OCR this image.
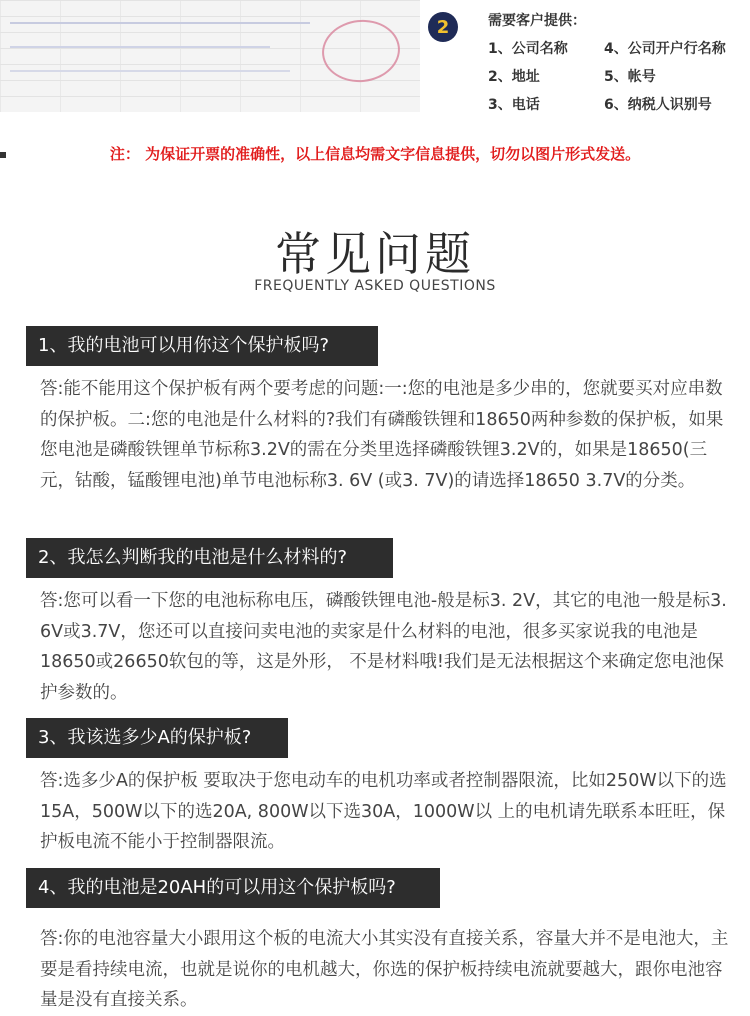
2	需要客户提供：
1、公司名称
2、地址
3、电话
4、公司开户行名称
5、帐号
6、纳税人识别号
注： 为保证开票的准确性，以上信息均需文字信息提供，切勿以图片形式发送。
常见问题
FREQUENTLY ASKED QUESTIONS
1、我的电池可以用你这个保护板吗?
答:能不能用这个保护板有两个要考虑的问题:一:您的电池是多少串的，您就要买对应串数的保护板。二:您的电池是什么材料的?我们有磷酸铁锂和18650两种参数的保护板，如果您电池是磷酸铁锂单节标称3.2V的需在分类里选择磷酸铁锂3.2V的，如果是18650(三元，钴酸，锰酸锂电池)单节电池标称3. 6V (或3. 7V)的请选择18650 3.7V的分类。
2、我怎么判断我的电池是什么材料的?
答:您可以看一下您的电池标称电压，磷酸铁锂电池-般是标3. 2V，其它的电池一般是标3. 6V或3.7V，您还可以直接问卖电池的卖家是什么材料的电池，很多买家说我的电池是18650或26650软包的等，这是外形， 不是材料哦!我们是无法根据这个来确定您电池保护参数的。
3、我该选多少A的保护板?
答:选多少A的保护板 要取决于您电动车的电机功率或者控制器限流，比如250W以下的选 15A，500W以下的选20A, 800W以下选30A，1000W以 上的电机请先联系本旺旺，保护板电流不能小于控制器限流。
4、我的电池是20AH的可以用这个保护板吗?
答:你的电池容量大小跟用这个板的电流大小其实没有直接关系，容量大并不是电池大，主要是看持续电流，也就是说你的电机越大，你选的保护板持续电流就要越大，跟你电池容量是没有直接关系。
